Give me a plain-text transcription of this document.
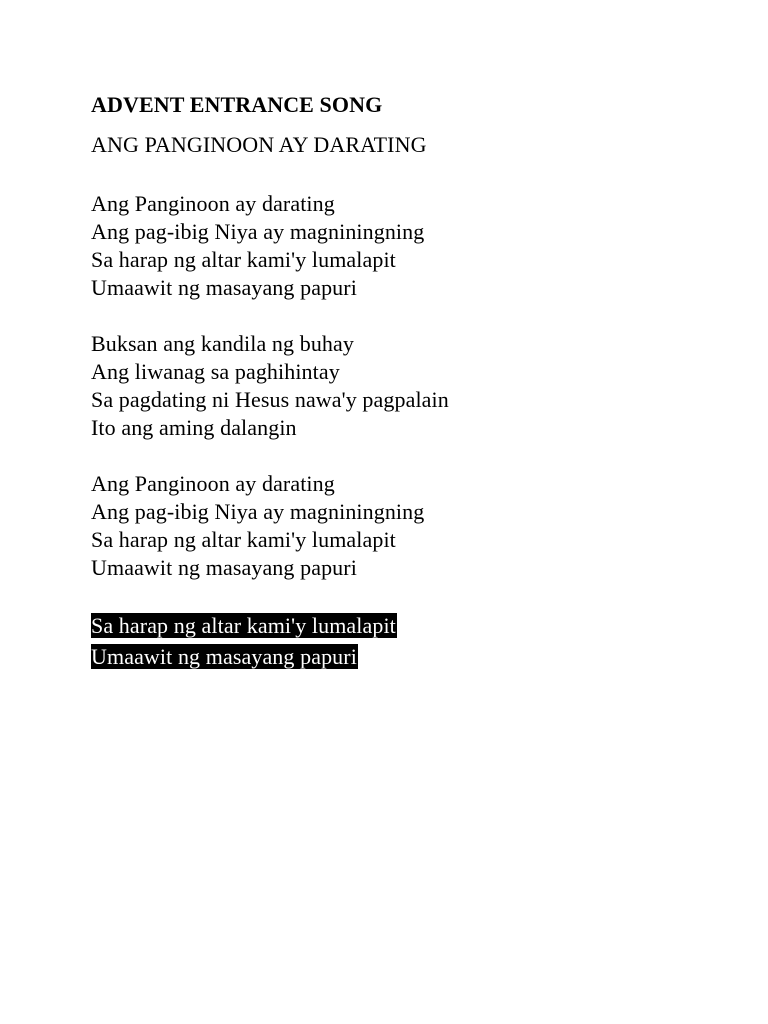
ADVENT ENTRANCE SONG
ANG PANGINOON AY DARATING
Ang Panginoon ay darating
Ang pag-ibig Niya ay magniningning
Sa harap ng altar kami'y lumalapit
Umaawit ng masayang papuri
Buksan ang kandila ng buhay
Ang liwanag sa paghihintay
Sa pagdating ni Hesus nawa'y pagpalain
Ito ang aming dalangin
Ang Panginoon ay darating
Ang pag-ibig Niya ay magniningning
Sa harap ng altar kami'y lumalapit
Umaawit ng masayang papuri
Sa harap ng altar kami'y lumalapit
Umaawit ng masayang papuri
